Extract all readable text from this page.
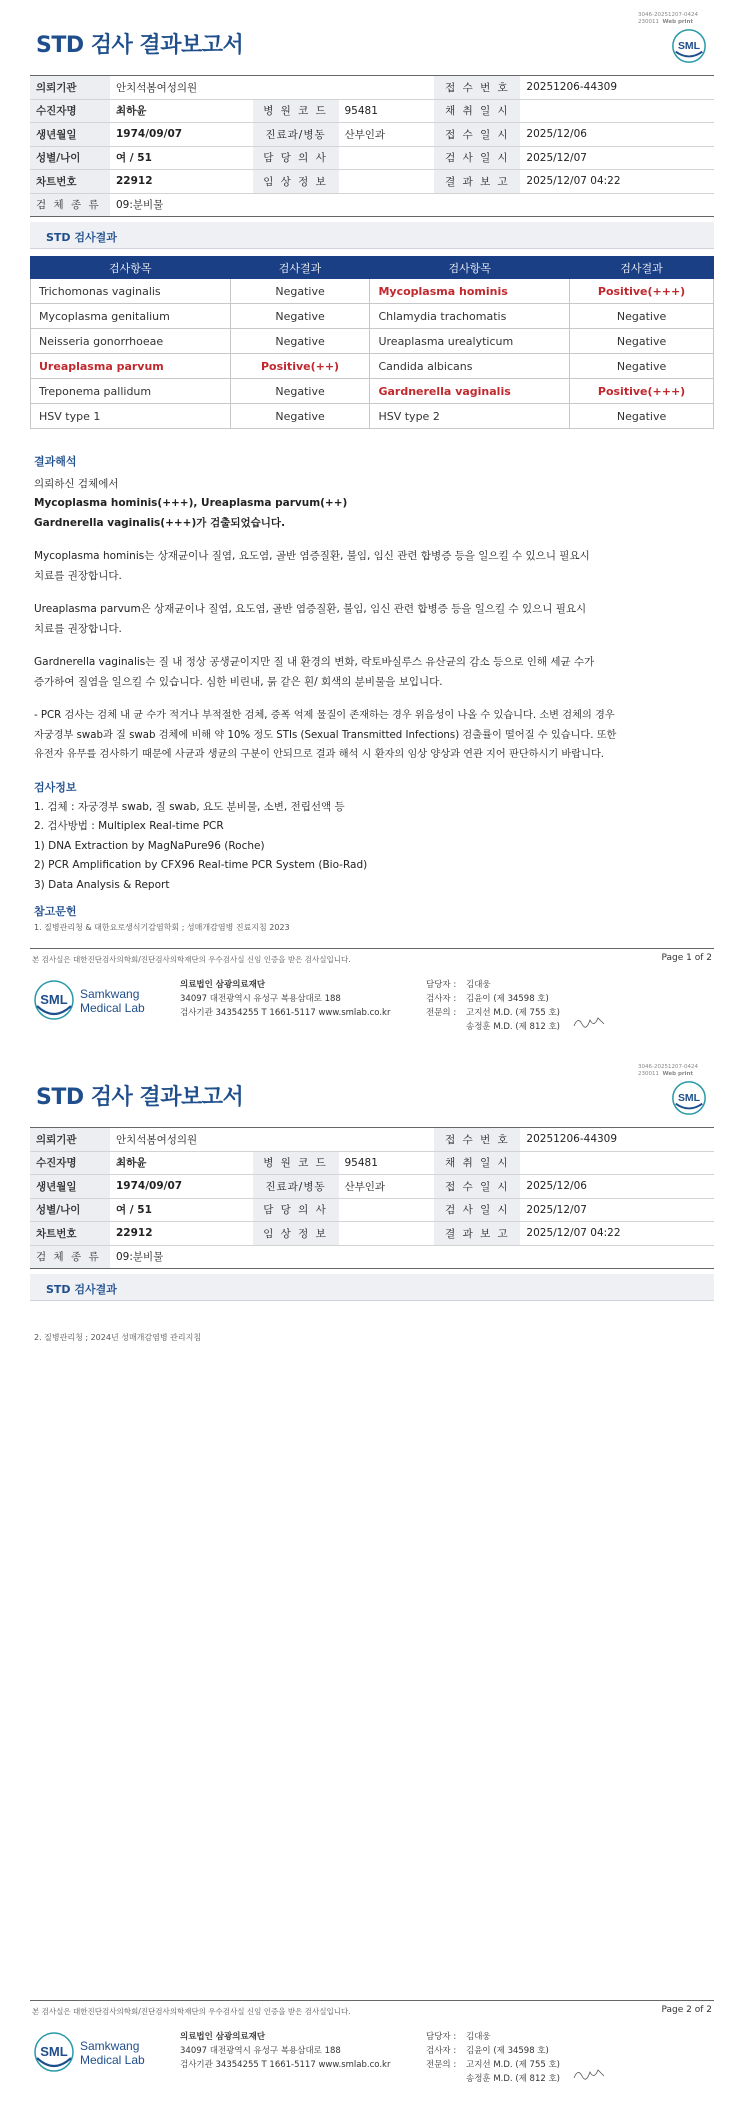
3046-20251207-0424
230011 Web print
STD 검사 결과보고서	SML
의뢰기관	안치석봄여성의원			접 수 번 호	20251206-44309
수진자명	최하윤	병 원 코 드	95481	채 취 일 시	
생년월일	1974/09/07	진료과/병동	산부인과	접 수 일 시	2025/12/06
성별/나이	여 / 51	담 당 의 사		검 사 일 시	2025/12/07
차트번호	22912	임 상 정 보		결 과 보 고	2025/12/07 04:22
검 체 종 류	09:분비물				
STD 검사결과
검사항목	검사결과	검사항목	검사결과
Trichomonas vaginalis	Negative	Mycoplasma hominis	Positive(+++)
Mycoplasma genitalium	Negative	Chlamydia trachomatis	Negative
Neisseria gonorrhoeae	Negative	Ureaplasma urealyticum	Negative
Ureaplasma parvum	Positive(++)	Candida albicans	Negative
Treponema pallidum	Negative	Gardnerella vaginalis	Positive(+++)
HSV type 1	Negative	HSV type 2	Negative
결과해석

의뢰하신 검체에서

Mycoplasma hominis(+++), Ureaplasma parvum(++)

Gardnerella vaginalis(+++)가 검출되었습니다.

Mycoplasma hominis는 상재균이나 질염, 요도염, 골반 염증질환, 불임, 임신 관련 합병증 등을 일으킬 수 있으니 필요시

치료를 권장합니다.

Ureaplasma parvum은 상재균이나 질염, 요도염, 골반 염증질환, 불임, 임신 관련 합병증 등을 일으킬 수 있으니 필요시

치료를 권장합니다.

Gardnerella vaginalis는 질 내 정상 공생균이지만 질 내 환경의 변화, 락토바실루스 유산균의 감소 등으로 인해 세균 수가

증가하여 질염을 일으킬 수 있습니다. 심한 비린내, 묽 같은 흰/ 회색의 분비물을 보입니다.

- PCR 검사는 검체 내 균 수가 적거나 부적절한 검체, 증폭 억제 물질이 존재하는 경우 위음성이 나올 수 있습니다. 소변 검체의 경우

자궁경부 swab과 질 swab 검체에 비해 약 10% 정도 STIs (Sexual Transmitted Infections) 검출률이 떨어질 수 있습니다. 또한

유전자 유무를 검사하기 때문에 사균과 생균의 구분이 안되므로 결과 해석 시 환자의 임상 양상과 연관 지어 판단하시기 바랍니다.

검사정보

1. 검체 : 자궁경부 swab, 질 swab, 요도 분비물, 소변, 전립선액 등

2. 검사방법 : Multiplex Real-time PCR

1) DNA Extraction by MagNaPure96 (Roche)

2) PCR Amplification by CFX96 Real-time PCR System (Bio-Rad)

3) Data Analysis & Report

참고문헌
1. 질병관리청 & 대한요로생식기감염학회 ; 성매개감염병 진료지침 2023
본 검사실은 대한진단검사의학회/진단검사의학재단의 우수검사실 신임 인증을 받은 검사실입니다.	Page 1 of 2
SML Samkwang
Medical Lab
의료법인 삼광의료재단
34097 대전광역시 유성구 복용삼대로 188
검사기관 34354255 T 1661-5117 www.smlab.co.kr
담당자 : 김대웅
검사자 : 김윤이 (제 34598 호)
전문의 : 고지선 M.D. (제 755 호)
송정훈 M.D. (제 812 호)
3046-20251207-0424
230011 Web print
STD 검사 결과보고서	SML
의뢰기관	안치석봄여성의원			접 수 번 호	20251206-44309
수진자명	최하윤	병 원 코 드	95481	채 취 일 시	
생년월일	1974/09/07	진료과/병동	산부인과	접 수 일 시	2025/12/06
성별/나이	여 / 51	담 당 의 사		검 사 일 시	2025/12/07
차트번호	22912	임 상 정 보		결 과 보 고	2025/12/07 04:22
검 체 종 류	09:분비물				
STD 검사결과
2. 질병관리청 ; 2024년 성매개감염병 관리지침
본 검사실은 대한진단검사의학회/진단검사의학재단의 우수검사실 신임 인증을 받은 검사실입니다.	Page 2 of 2
SML Samkwang
Medical Lab
의료법인 삼광의료재단
34097 대전광역시 유성구 복용삼대로 188
검사기관 34354255 T 1661-5117 www.smlab.co.kr
담당자 : 김대웅
검사자 : 김윤이 (제 34598 호)
전문의 : 고지선 M.D. (제 755 호)
송정훈 M.D. (제 812 호)
